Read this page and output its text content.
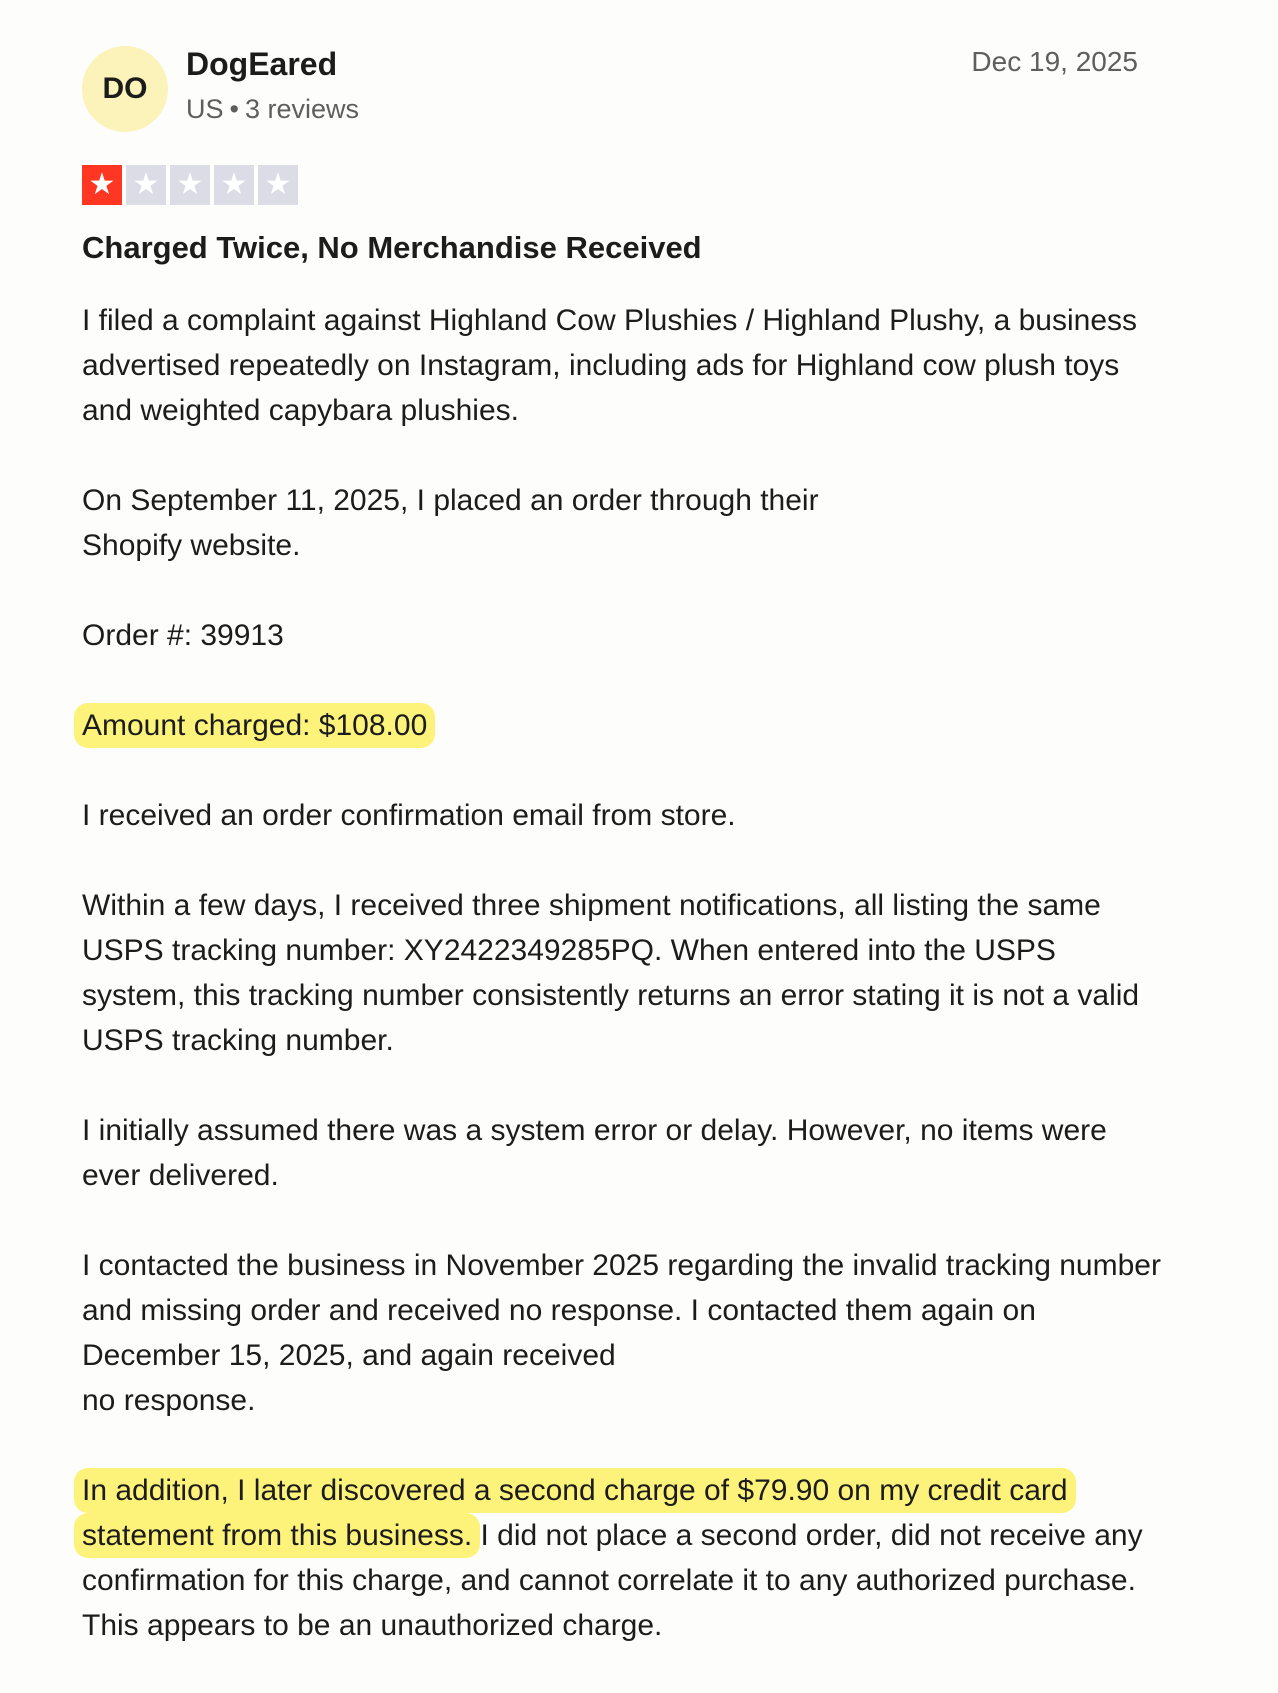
DO
DogEared
US • 3 reviews
Dec 19, 2025
★ ★ ★ ★ ★
Charged Twice, No Merchandise Received

I filed a complaint against Highland Cow Plushies / Highland Plushy, a business advertised repeatedly on Instagram, including ads for Highland cow plush toys and weighted capybara plushies.

On September 11, 2025, I placed an order through their
Shopify website.

Order #: 39913

Amount charged: $108.00

I received an order confirmation email from store.

Within a few days, I received three shipment notifications, all listing the same USPS tracking number: XY2422349285PQ. When entered into the USPS system, this tracking number consistently returns an error stating it is not a valid USPS tracking number.

I initially assumed there was a system error or delay. However, no items were ever delivered.

I contacted the business in November 2025 regarding the invalid tracking number and missing order and received no response. I contacted them again on December 15, 2025, and again received
no response.

In addition, I later discovered a second charge of $79.90 on my credit card statement from this business. I did not place a second order, did not receive any confirmation for this charge, and cannot correlate it to any authorized purchase. This appears to be an unauthorized charge.
